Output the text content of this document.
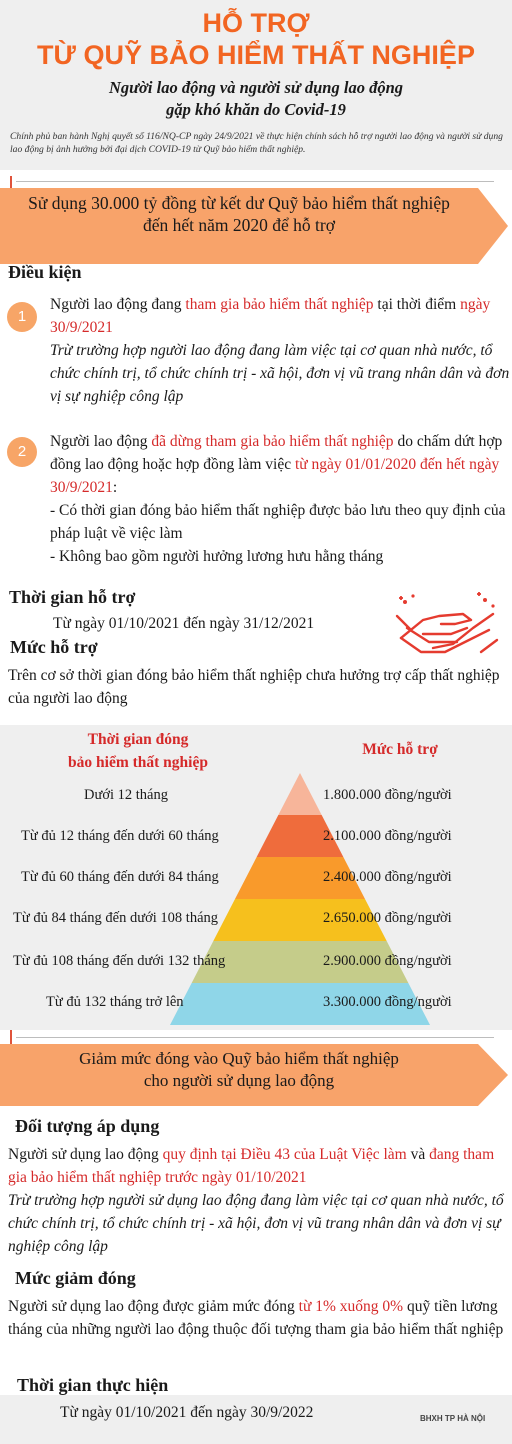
HỖ TRỢ
TỪ QUỸ BẢO HIỂM THẤT NGHIỆP
Người lao động và người sử dụng lao động
gặp khó khăn do Covid-19
Chính phủ ban hành Nghị quyết số 116/NQ-CP ngày 24/9/2021 về thực hiện chính sách hỗ trợ người lao động và người sử dụng lao động bị ảnh hưởng bởi đại dịch COVID-19 từ Quỹ bảo hiểm thất nghiệp.
Sử dụng 30.000 tỷ đồng từ kết dư Quỹ bảo hiểm thất nghiệp
đến hết năm 2020 để hỗ trợ
Điều kiện
1
Người lao động đang tham gia bảo hiểm thất nghiệp tại thời điểm ngày 30/9/2021
Trừ trường hợp người lao động đang làm việc tại cơ quan nhà nước, tổ chức chính trị, tổ chức chính trị - xã hội, đơn vị vũ trang nhân dân và đơn vị sự nghiệp công lập
2
Người lao động đã dừng tham gia bảo hiểm thất nghiệp do chấm dứt hợp đồng lao động hoặc hợp đồng làm việc từ ngày 01/01/2020 đến hết ngày 30/9/2021:
- Có thời gian đóng bảo hiểm thất nghiệp được bảo lưu theo quy định của pháp luật về việc làm
- Không bao gồm người hưởng lương hưu hằng tháng
Thời gian hỗ trợ
Từ ngày 01/10/2021 đến ngày 31/12/2021
Mức hỗ trợ
Trên cơ sở thời gian đóng bảo hiểm thất nghiệp chưa hưởng trợ cấp thất nghiệp của người lao động
Thời gian đóng
bảo hiểm thất nghiệp
Mức hỗ trợ
Dưới 12 tháng	1.800.000 đồng/người
Từ đủ 12 tháng đến dưới 60 tháng	2.100.000 đồng/người
Từ đủ 60 tháng đến dưới 84 tháng	2.400.000 đồng/người
Từ đủ 84 tháng đến dưới 108 tháng	2.650.000 đồng/người
Từ đủ 108 tháng đến dưới 132 tháng	2.900.000 đồng/người
Từ đủ 132 tháng trở lên	3.300.000 đồng/người
Giảm mức đóng vào Quỹ bảo hiểm thất nghiệp
cho người sử dụng lao động
Đối tượng áp dụng
Người sử dụng lao động quy định tại Điều 43 của Luật Việc làm và đang tham gia bảo hiểm thất nghiệp trước ngày 01/10/2021
Trừ trường hợp người sử dụng lao động đang làm việc tại cơ quan nhà nước, tổ chức chính trị, tổ chức chính trị - xã hội, đơn vị vũ trang nhân dân và đơn vị sự nghiệp công lập
Mức giảm đóng
Người sử dụng lao động được giảm mức đóng từ 1% xuống 0% quỹ tiền lương tháng của những người lao động thuộc đối tượng tham gia bảo hiểm thất nghiệp
Thời gian thực hiện
Từ ngày 01/10/2021 đến ngày 30/9/2022	BHXH TP HÀ NỘI
